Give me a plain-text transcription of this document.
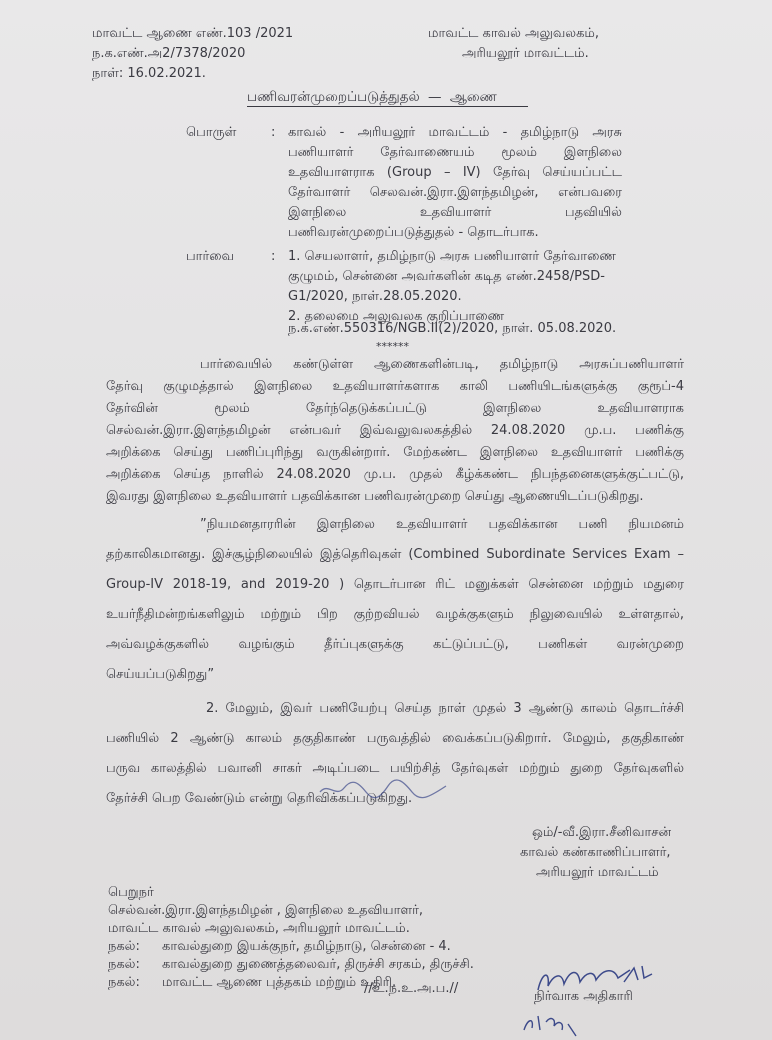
மாவட்ட ஆணை எண்.103 /2021
ந.க.எண்.அ2/7378/2020
நாள்: 16.02.2021.
மாவட்ட காவல் அலுவலகம்,
அரியலூர் மாவட்டம்.
பணிவரன்முறைப்படுத்துதல் — ஆணை
பொருள்	: காவல் - அரியலூர் மாவட்டம் - தமிழ்நாடு அரசு
பணியாளர் தேர்வாணையம் மூலம் இளநிலை
உதவியாளராக (Group – IV) தேர்வு செய்யப்பட்ட
தேர்வாளர் செலவன்.இரா.இளந்தமிழன், என்பவரை
இளநிலை	உதவியாளர்	பதவியில்
பணிவரன்முறைப்படுத்துதல் - தொடர்பாக.
பார்வை	: 1. செயலாளர், தமிழ்நாடு அரசு பணியாளர் தேர்வாணை
குழுமம், சென்னை அவர்களின் கடித எண்.2458/PSD-
G1/2020, நாள்.28.05.2020.
2. தலைமை அலுவலக குறிப்பாணை
ந.க.எண்.550316/NGB.II(2)/2020, நாள். 05.08.2020.
******
பார்வையில் கண்டுள்ள ஆணைகளின்படி, தமிழ்நாடு அரசுப்பணியாளர்
தேர்வு குழுமத்தால் இளநிலை உதவியாளர்களாக காலி பணியிடங்களுக்கு குரூப்-4
தேர்வின் மூலம் தேர்ந்தெடுக்கப்பட்டு இளநிலை உதவியாளராக
செல்வன்.இரா.இளந்தமிழன் என்பவர் இவ்வலுவலகத்தில் 24.08.2020 மு.ப. பணிக்கு
அறிக்கை செய்து பணிப்புரிந்து வருகின்றார். மேற்கண்ட இளநிலை உதவியாளர் பணிக்கு
அறிக்கை செய்த நாளில் 24.08.2020 மு.ப. முதல் கீழ்க்கண்ட நிபந்தனைகளுக்குட்பட்டு,
இவரது இளநிலை உதவியாளர் பதவிக்கான பணிவரன்முறை செய்து ஆணையிடப்படுகிறது.
”நியமனதாரரின் இளநிலை உதவியாளர் பதவிக்கான பணி நியமனம்
தற்காலிகமானது. இச்சூழ்நிலையில் இத்தெரிவுகள் (Combined Subordinate Services Exam –
Group-IV 2018-19, and 2019-20 ) தொடர்பான ரிட் மனுக்கள் சென்னை மற்றும் மதுரை
உயர்நீதிமன்றங்களிலும் மற்றும் பிற குற்றவியல் வழக்குகளும் நிலுவையில் உள்ளதால்,
அவ்வழக்குகளில் வழங்கும் தீர்ப்புகளுக்கு கட்டுப்பட்டு, பணிகள் வரன்முறை
செய்யப்படுகிறது”
2. மேலும், இவர் பணியேற்பு செய்த நாள் முதல் 3 ஆண்டு காலம் தொடர்ச்சி
பணியில் 2 ஆண்டு காலம் தகுதிகாண் பருவத்தில் வைக்கப்படுகிறார். மேலும், தகுதிகாண்
பருவ காலத்தில் பவானி சாகர் அடிப்படை பயிற்சித் தேர்வுகள் மற்றும் துறை தேர்வுகளில்
தேர்ச்சி பெற வேண்டும் என்று தெரிவிக்கப்படுகிறது.
ஒம்/-வீ.இரா.சீனிவாசன்
காவல் கண்காணிப்பாளர்,
அரியலூர் மாவட்டம்
பெறுநர்
செல்வன்.இரா.இளந்தமிழன் , இளநிலை உதவியாளர்,
மாவட்ட காவல் அலுவலகம், அரியலூர் மாவட்டம்.
நகல்: காவல்துறை இயக்குநர், தமிழ்நாடு, சென்னை - 4.
நகல்: காவல்துறை துணைத்தலைவர், திருச்சி சரகம், திருச்சி.
நகல்: மாவட்ட ஆணை புத்தகம் மற்றும் உதிரி.
//உ.ந.உ.அ.ப.//
நிர்வாக அதிகாரி
